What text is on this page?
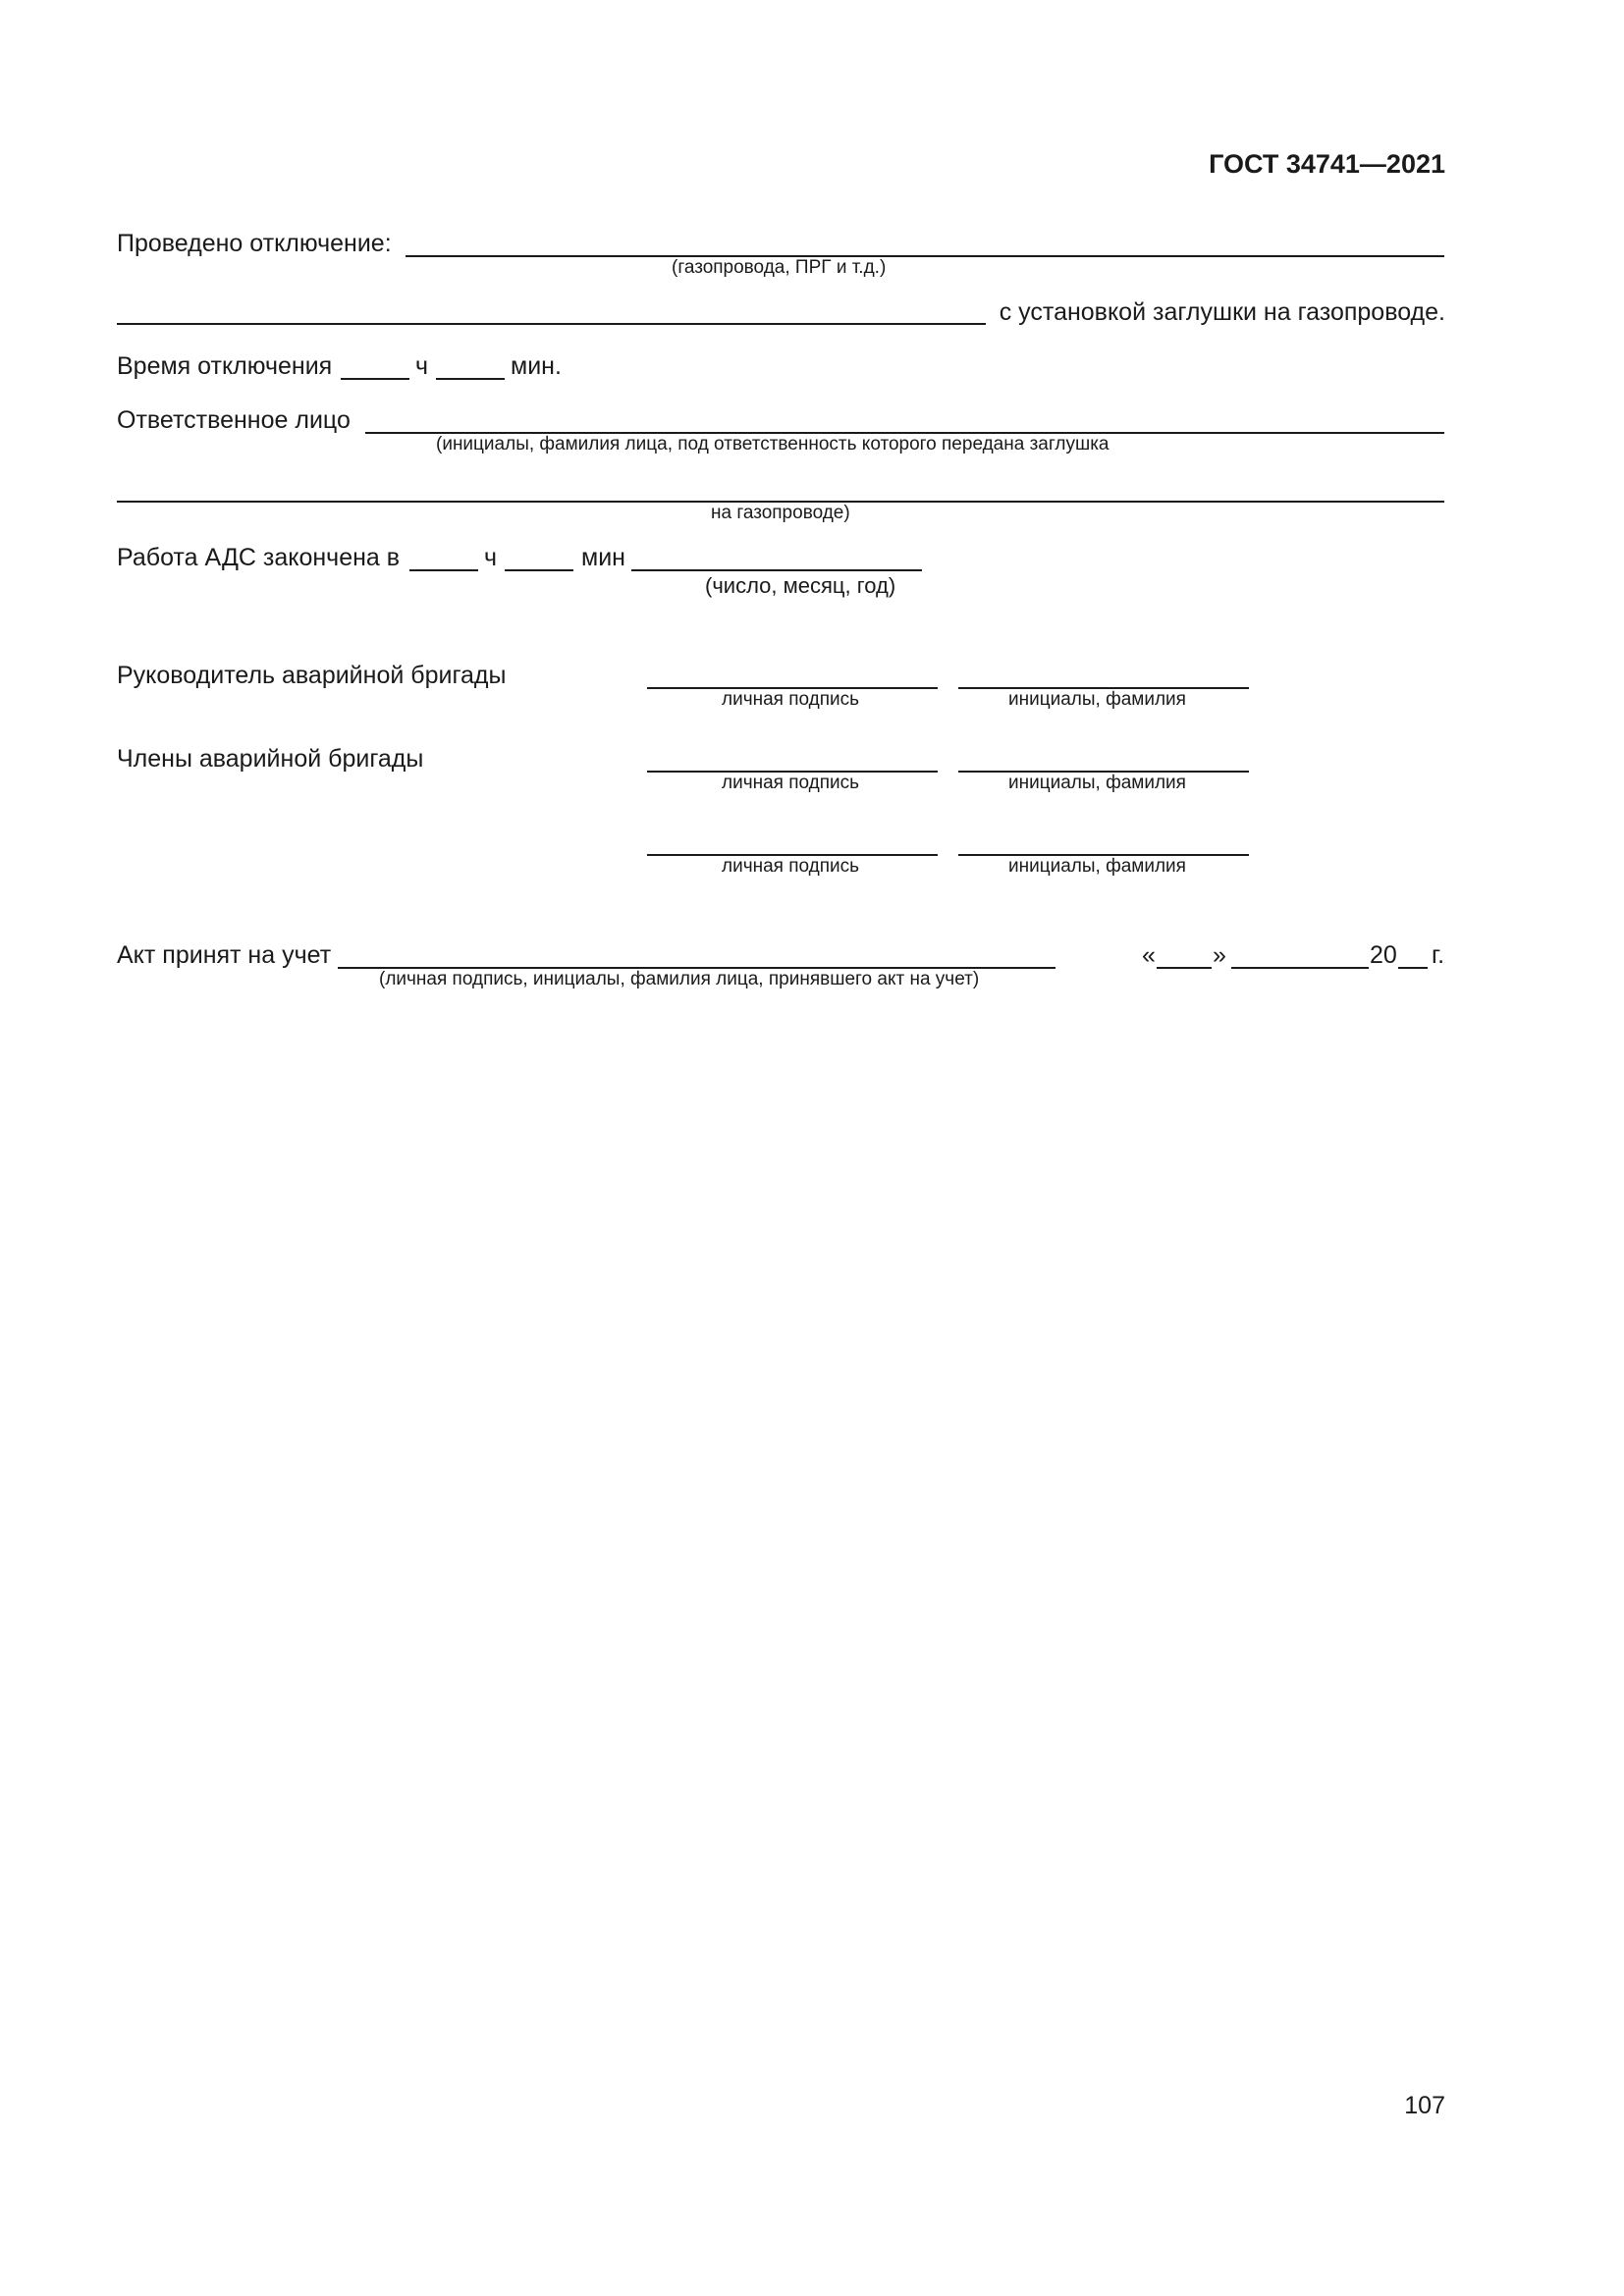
ГОСТ 34741—2021
Проведено отключение:
(газопровода, ПРГ и т.д.)
с установкой заглушки на газопроводе.
Время отключения	ч	мин.
Ответственное лицо
(инициалы, фамилия лица, под ответственность которого передана заглушка
на газопроводе)
Работа АДС закончена в	ч	мин
(число, месяц, год)
Руководитель аварийной бригады
личная подпись	инициалы, фамилия
Члены аварийной бригады
личная подпись	инициалы, фамилия
личная подпись	инициалы, фамилия
Акт принят на учет
(личная подпись, инициалы, фамилия лица, принявшего акт на учет)
« »	20 г.
107
